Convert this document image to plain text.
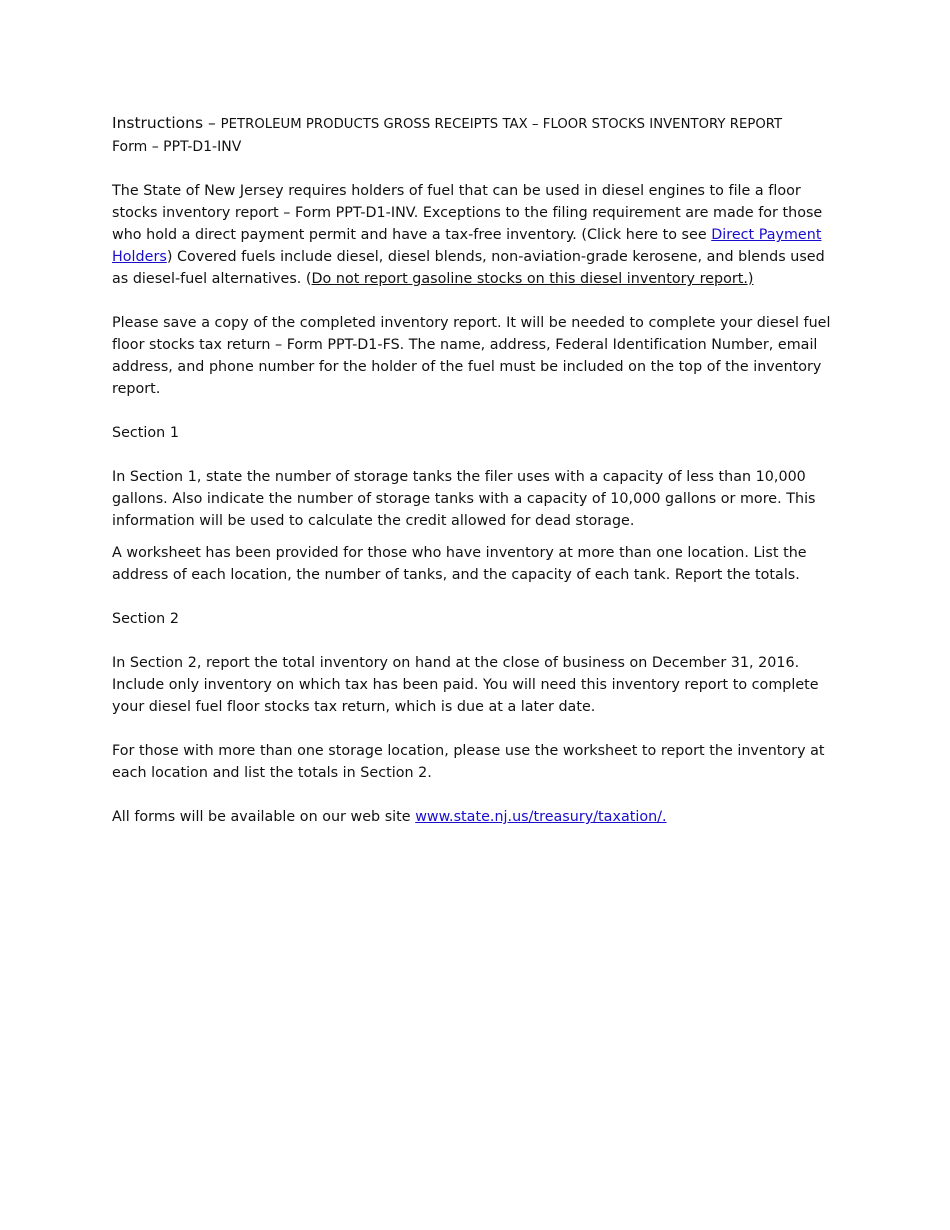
Instructions – PETROLEUM PRODUCTS GROSS RECEIPTS TAX – FLOOR STOCKS INVENTORY REPORT

Form – PPT-D1-INV

The State of New Jersey requires holders of fuel that can be used in diesel engines to file a floor stocks inventory report – Form PPT-D1-INV. Exceptions to the filing requirement are made for those who hold a direct payment permit and have a tax-free inventory. (Click here to see Direct Payment Holders) Covered fuels include diesel, diesel blends, non-aviation-grade kerosene, and blends used as diesel-fuel alternatives. (Do not report gasoline stocks on this diesel inventory report.)

Please save a copy of the completed inventory report. It will be needed to complete your diesel fuel floor stocks tax return – Form PPT-D1-FS. The name, address, Federal Identification Number, email address, and phone number for the holder of the fuel must be included on the top of the inventory report.

Section 1

In Section 1, state the number of storage tanks the filer uses with a capacity of less than 10,000 gallons. Also indicate the number of storage tanks with a capacity of 10,000 gallons or more. This information will be used to calculate the credit allowed for dead storage.

A worksheet has been provided for those who have inventory at more than one location. List the address of each location, the number of tanks, and the capacity of each tank. Report the totals.

Section 2

In Section 2, report the total inventory on hand at the close of business on December 31, 2016. Include only inventory on which tax has been paid. You will need this inventory report to complete your diesel fuel floor stocks tax return, which is due at a later date.

For those with more than one storage location, please use the worksheet to report the inventory at each location and list the totals in Section 2.

All forms will be available on our web site www.state.nj.us/treasury/taxation/.
